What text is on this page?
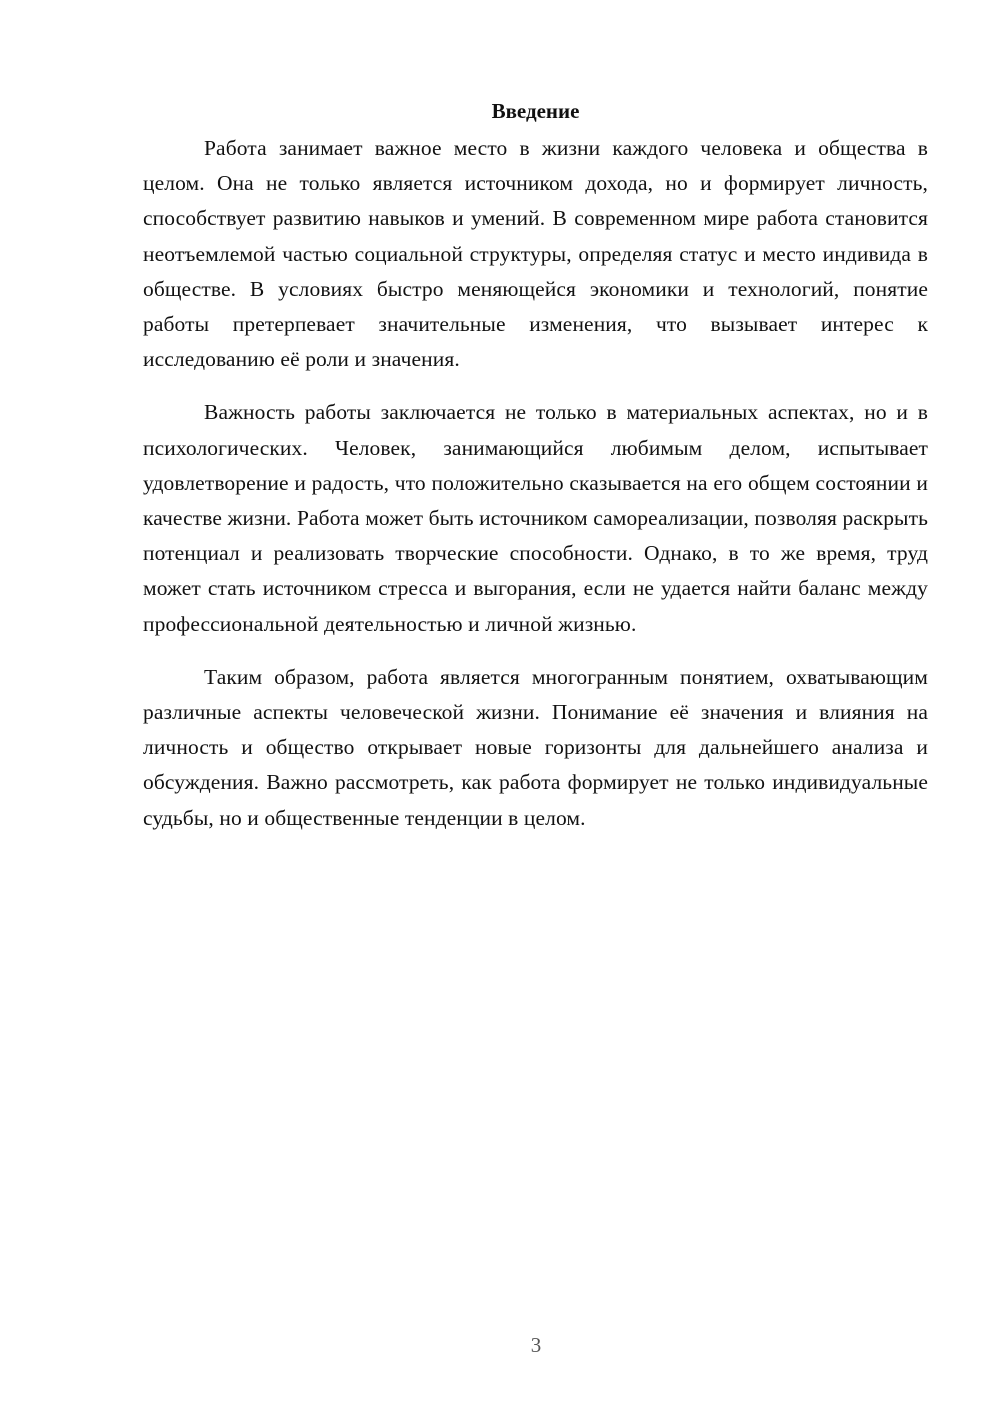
Введение

Работа занимает важное место в жизни каждого человека и общества в целом. Она не только является источником дохода, но и формирует личность, способствует развитию навыков и умений. В современном мире работа становится неотъемлемой частью социальной структуры, определяя статус и место индивида в обществе. В условиях быстро меняющейся экономики и технологий, понятие работы претерпевает значительные изменения, что вызывает интерес к исследованию её роли и значения.

Важность работы заключается не только в материальных аспектах, но и в психологических. Человек, занимающийся любимым делом, испытывает удовлетворение и радость, что положительно сказывается на его общем состоянии и качестве жизни. Работа может быть источником самореализации, позволяя раскрыть потенциал и реализовать творческие способности. Однако, в то же время, труд может стать источником стресса и выгорания, если не удается найти баланс между профессиональной деятельностью и личной жизнью.

Таким образом, работа является многогранным понятием, охватывающим различные аспекты человеческой жизни. Понимание её значения и влияния на личность и общество открывает новые горизонты для дальнейшего анализа и обсуждения. Важно рассмотреть, как работа формирует не только индивидуальные судьбы, но и общественные тенденции в целом.

3
